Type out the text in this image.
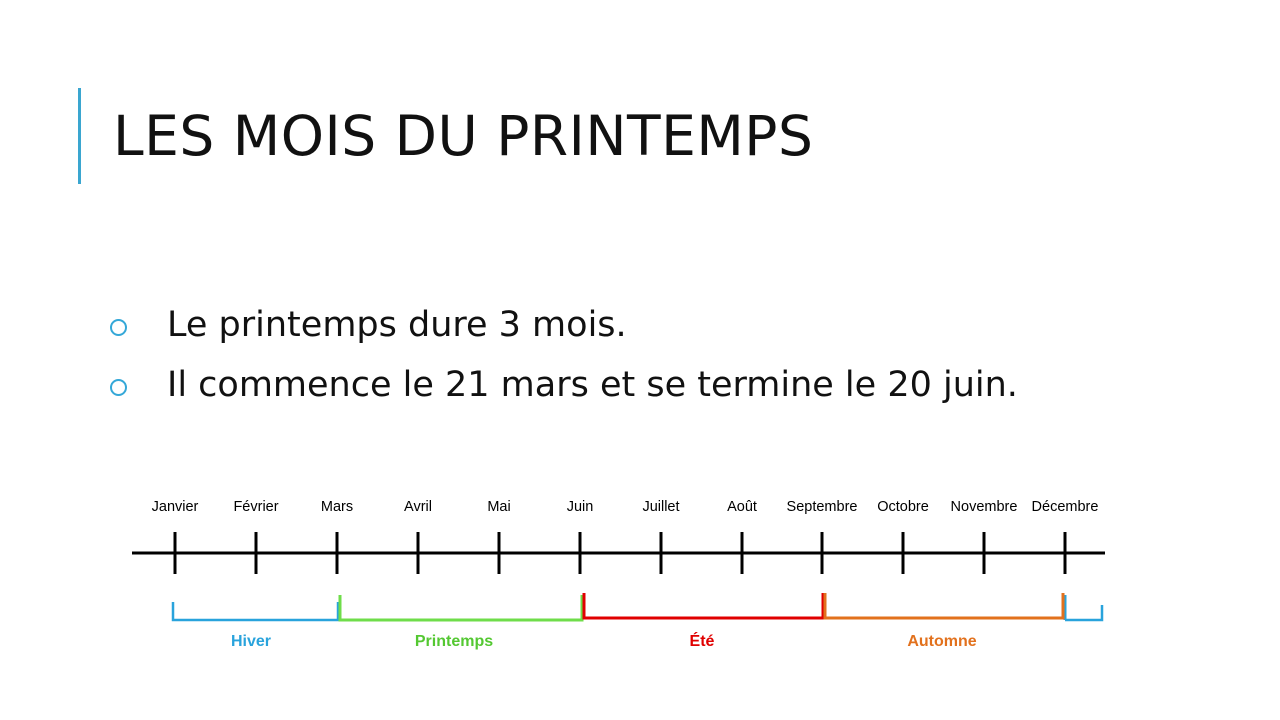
LES MOIS DU PRINTEMPS
Le printemps dure 3 mois.
Il commence le 21 mars et se termine le 20 juin.
Janvier Février	Mars	Avril	Mai	Juin	Juillet	Août Septembre Octobre Novembre Décembre
Hiver	Printemps	Été	Automne
